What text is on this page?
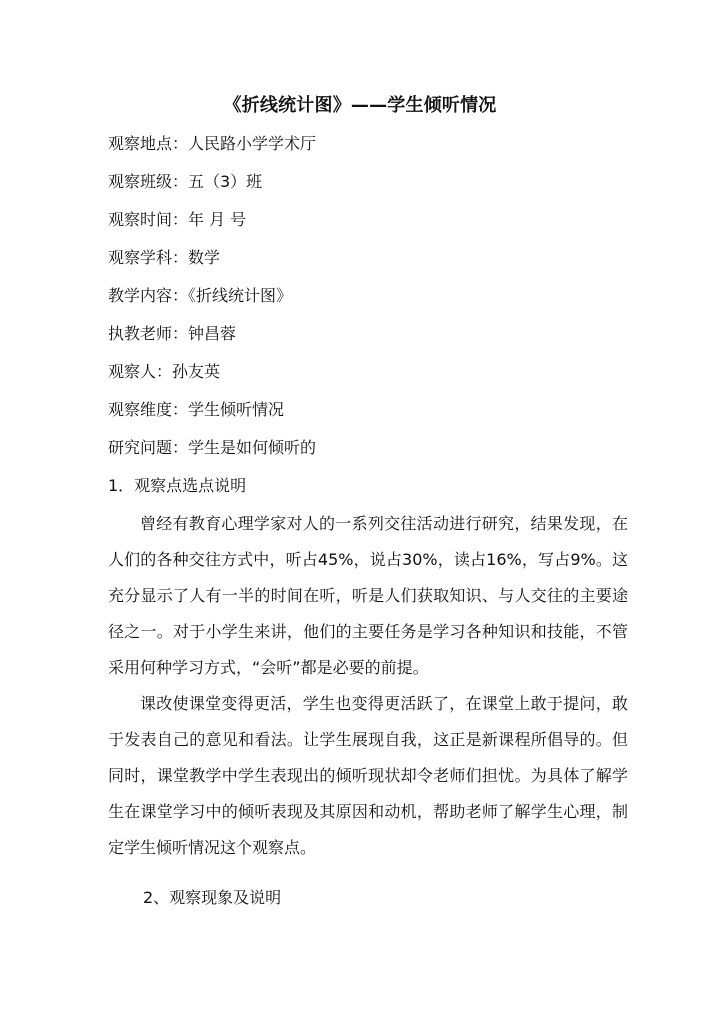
《折线统计图》——学生倾听情况
观察地点：人民路小学学术厅
观察班级：五（3）班
观察时间：年 月 号
观察学科：数学
教学内容：《折线统计图》
执教老师：钟昌蓉
观察人：孙友英
观察维度：学生倾听情况
研究问题：学生是如何倾听的
1．观察点选点说明
曾经有教育心理学家对人的一系列交往活动进行研究，结果发现，在人们的各种交往方式中，听占45%，说占30%，读占16%，写占9%。这充分显示了人有一半的时间在听，听是人们获取知识、与人交往的主要途径之一。对于小学生来讲，他们的主要任务是学习各种知识和技能，不管采用何种学习方式，“会听”都是必要的前提。
课改使课堂变得更活，学生也变得更活跃了，在课堂上敢于提问，敢于发表自己的意见和看法。让学生展现自我，这正是新课程所倡导的。但同时，课堂教学中学生表现出的倾听现状却令老师们担忧。为具体了解学生在课堂学习中的倾听表现及其原因和动机，帮助老师了解学生心理，制定学生倾听情况这个观察点。
2、观察现象及说明
